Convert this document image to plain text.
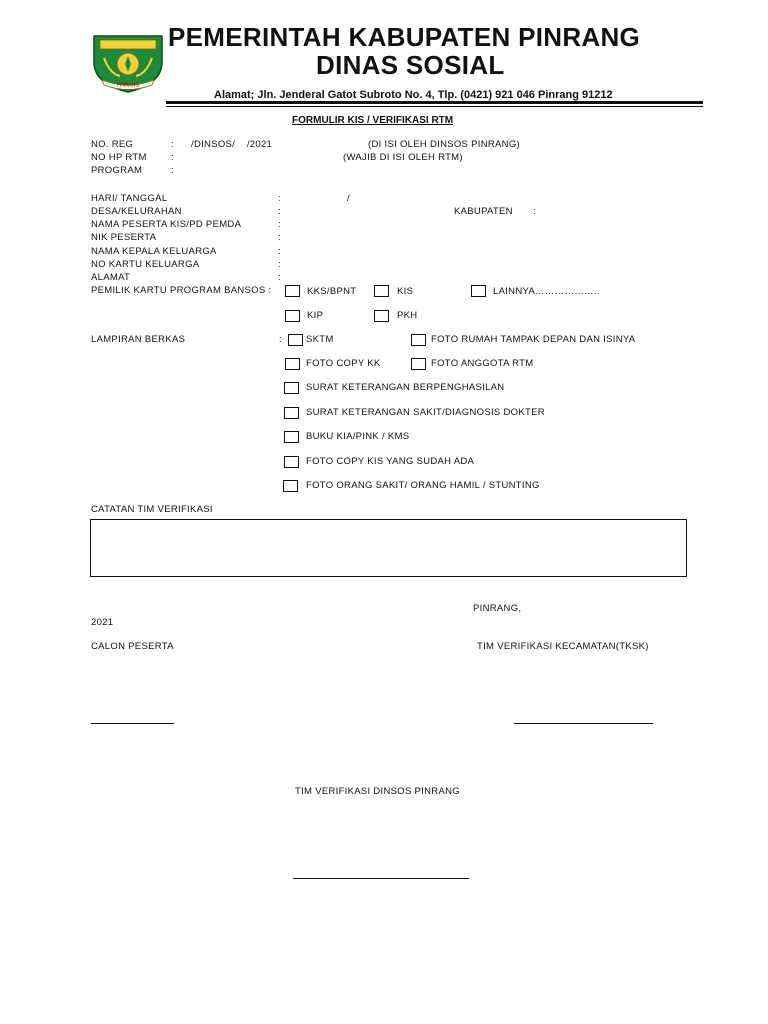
PINRANG
PEMERINTAH KABUPATEN PINRANG
DINAS SOSIAL
Alamat; Jln. Jenderal Gatot Subroto No. 4, Tlp. (0421) 921 046 Pinrang 91212
FORMULIR KIS / VERIFIKASI RTM
NO. REG	: /DINSOS/    /2021	(DI ISI OLEH DINSOS PINRANG)
NO HP RTM	:	(WAJIB DI ISI OLEH RTM)
PROGRAM	:
HARI/ TANGGAL	:	/
DESA/KELURAHAN	:	KABUPATEN :
NAMA PESERTA KIS/PD PEMDA	:
NIK PESERTA	:
NAMA KEPALA KELUARGA	:
NO KARTU KELUARGA	:
ALAMAT	:
PEMILIK KARTU PROGRAM BANSOS :	KKS/BPNT	KIS	LAINNYA………………..
KIP	PKH
LAMPIRAN BERKAS	:	SKTM	FOTO RUMAH TAMPAK DEPAN DAN ISINYA
FOTO COPY KK	FOTO ANGGOTA RTM
SURAT KETERANGAN BERPENGHASILAN
SURAT KETERANGAN SAKIT/DIAGNOSIS DOKTER
BUKU KIA/PINK / KMS
FOTO COPY KIS YANG SUDAH ADA
FOTO ORANG SAKIT/ ORANG HAMIL / STUNTING
CATATAN TIM VERIFIKASI
PINRANG,
2021
CALON PESERTA	TIM VERIFIKASI KECAMATAN(TKSK)
TIM VERIFIKASI DINSOS PINRANG
